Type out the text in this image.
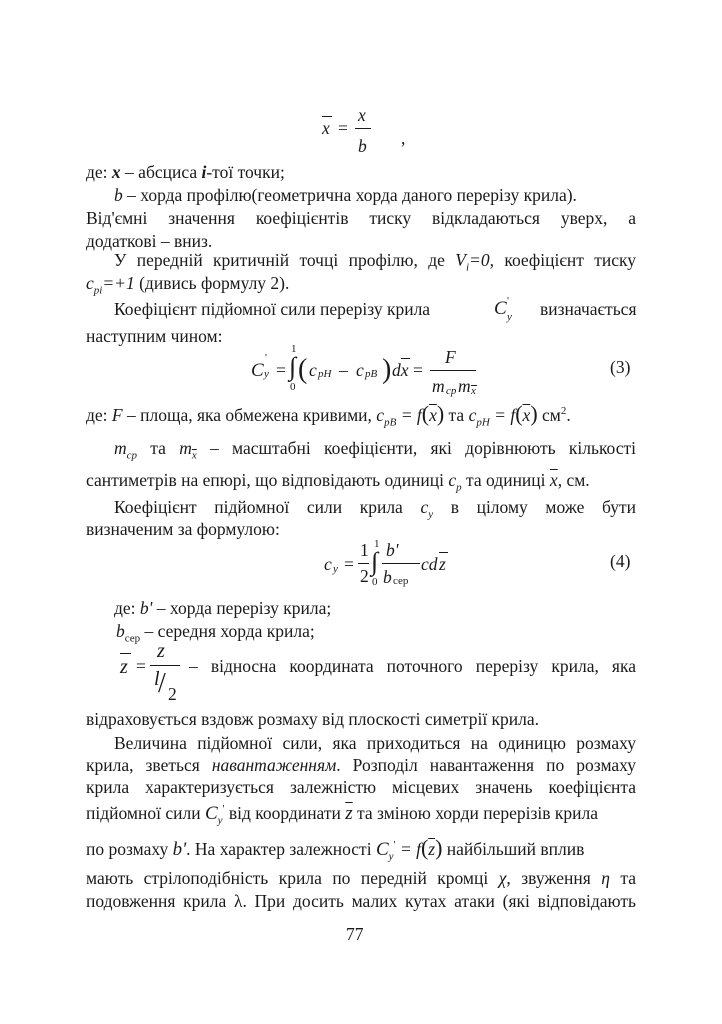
x =
x
b ,
де: x – абсциса i-тої точки;
b – хорда профілю(геометрична хорда даного перерізу крила).
Від'ємні значення коефіцієнтів тиску відкладаються уверх, а
додаткові – вниз.
У передній критичній точці профілю, де $V_i=0$, коефіцієнт тиску
$c_{pi}=+1$ (дивись формулу 2).
Коефіцієнт підйомної сили перерізу крила	C y
' визначається
наступним чином:
C y
'
=
1
∫
0
( c pH – c pB ) dx =
F
m cp m x
(3)
де: F – площа, яка обмежена кривими, $c_{pB} = f(\overline{x})$ та $c_{pH} = f(\overline{x})$ $см^2$.
$m_{cp}$ та $m_{\overline{x}}$ – масштабні коефіцієнти, які дорівнюють кількості
сантиметрів на епюрі, що відповідають одиниці $c_p$ та одиниці $\overline{x}$, см.
Коефіцієнт підйомної сили крила $c_y$ в цілому може бути
визначеним за формулою:
c y =
1
2
1
∫
0
b'
b сер
cd z	(4)
де: b' – хорда перерізу крила;
$b_{сер}$ – середня хорда крила;
z =
z
l
/ 2
– відносна координата поточного перерізу крила, яка
відраховується вздовж розмаху від плоскості симетрії крила.
Величина підйомної сили, яка приходиться на одиницю розмаху
крила, зветься навантаженням. Розподіл навантаження по розмаху
крила характеризується залежністю місцевих значень коефіцієнта
підйомної сили $C_y'$ від координати $\overline{z}$ та зміною хорди перерізів крила
по розмаху b'. На характер залежності $C_y' = f(\overline{z})$ найбільший вплив
мають стрілоподібність крила по передній кромці χ, звуження η та
подовження крила λ. При досить малих кутах атаки (які відповідають
77
